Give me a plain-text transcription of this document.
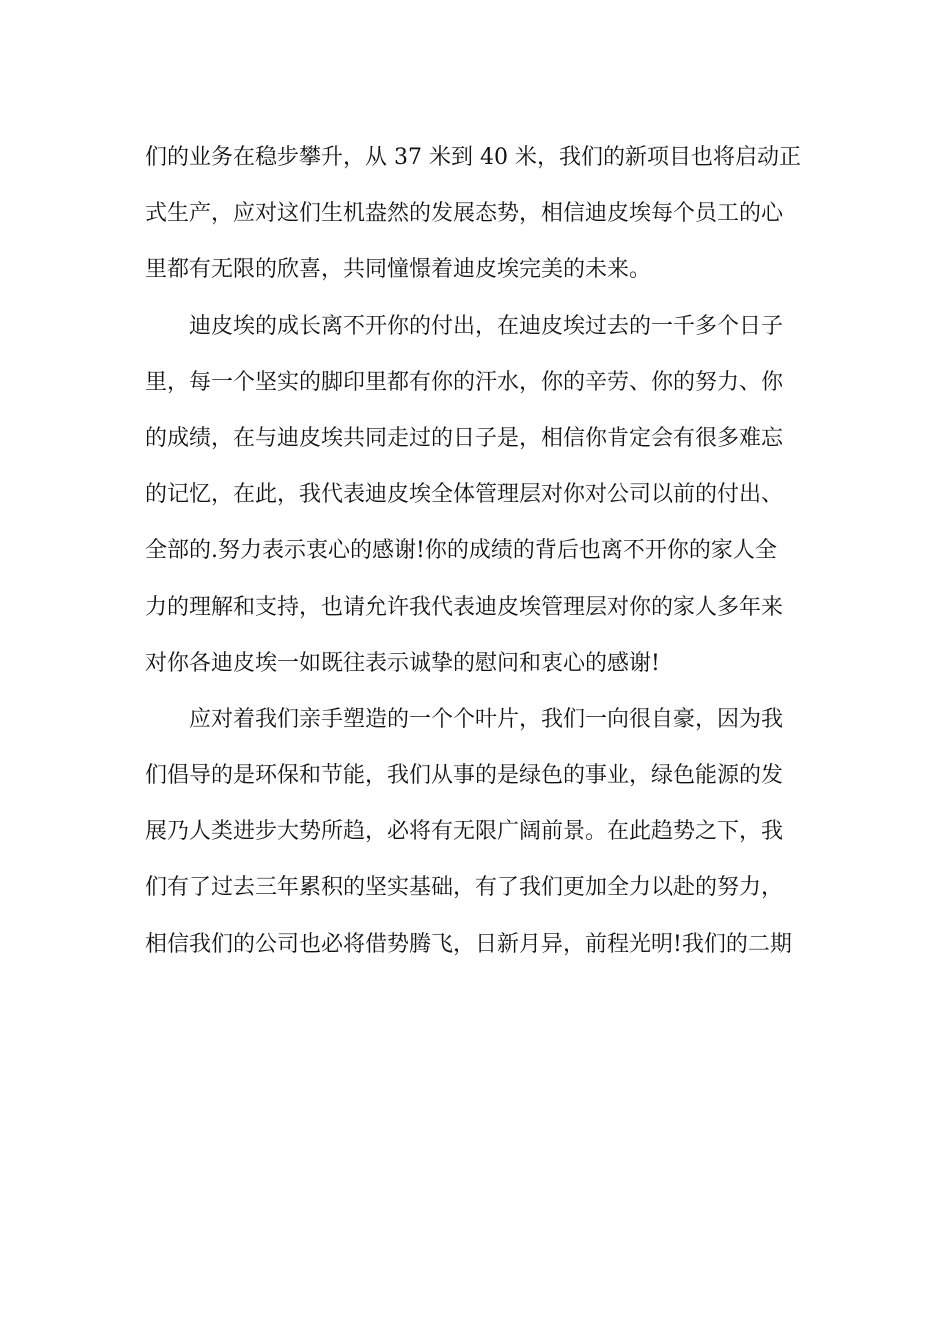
们的业务在稳步攀升，从 37 米到 40 米，我们的新项目也将启动正
式生产，应对这们生机盎然的发展态势，相信迪皮埃每个员工的心
里都有无限的欣喜，共同憧憬着迪皮埃完美的未来。
迪皮埃的成长离不开你的付出，在迪皮埃过去的一千多个日子
里，每一个坚实的脚印里都有你的汗水，你的辛劳、你的努力、你
的成绩，在与迪皮埃共同走过的日子是，相信你肯定会有很多难忘
的记忆，在此，我代表迪皮埃全体管理层对你对公司以前的付出、
全部的.努力表示衷心的感谢!你的成绩的背后也离不开你的家人全
力的理解和支持，也请允许我代表迪皮埃管理层对你的家人多年来
对你各迪皮埃一如既往表示诚挚的慰问和衷心的感谢!
应对着我们亲手塑造的一个个叶片，我们一向很自豪，因为我
们倡导的是环保和节能，我们从事的是绿色的事业，绿色能源的发
展乃人类进步大势所趋，必将有无限广阔前景。在此趋势之下，我
们有了过去三年累积的坚实基础，有了我们更加全力以赴的努力，
相信我们的公司也必将借势腾飞，日新月异，前程光明!我们的二期
